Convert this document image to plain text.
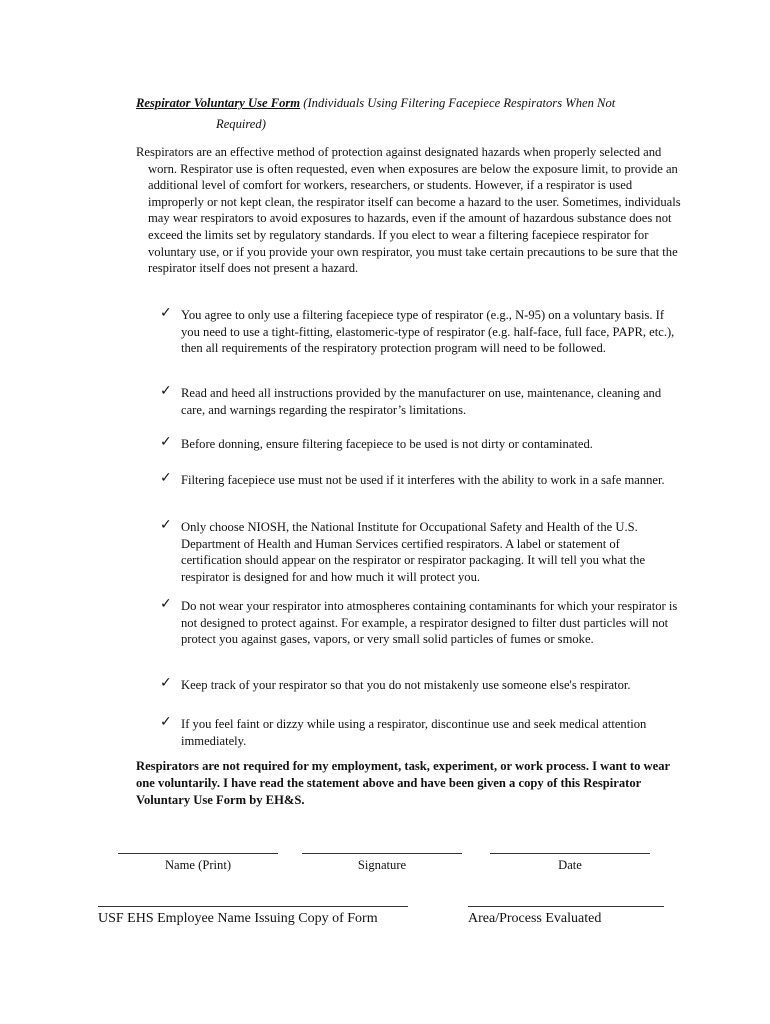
Respirator Voluntary Use Form (Individuals Using Filtering Facepiece Respirators When Not
Required)
Respirators are an effective method of protection against designated hazards when properly selected and worn. Respirator use is often requested, even when exposures are below the exposure limit, to provide an additional level of comfort for workers, researchers, or students. However, if a respirator is used improperly or not kept clean, the respirator itself can become a hazard to the user. Sometimes, individuals may wear respirators to avoid exposures to hazards, even if the amount of hazardous substance does not exceed the limits set by regulatory standards. If you elect to wear a filtering facepiece respirator for voluntary use, or if you provide your own respirator, you must take certain precautions to be sure that the respirator itself does not present a hazard.
✓ You agree to only use a filtering facepiece type of respirator (e.g., N-95) on a voluntary basis. If you need to use a tight-fitting, elastomeric-type of respirator (e.g. half-face, full face, PAPR, etc.), then all requirements of the respiratory protection program will need to be followed.
✓ Read and heed all instructions provided by the manufacturer on use, maintenance, cleaning and care, and warnings regarding the respirator’s limitations.
✓ Before donning, ensure filtering facepiece to be used is not dirty or contaminated.
✓ Filtering facepiece use must not be used if it interferes with the ability to work in a safe manner.
✓ Only choose NIOSH, the National Institute for Occupational Safety and Health of the U.S. Department of Health and Human Services certified respirators. A label or statement of certification should appear on the respirator or respirator packaging. It will tell you what the respirator is designed for and how much it will protect you.
✓ Do not wear your respirator into atmospheres containing contaminants for which your respirator is not designed to protect against. For example, a respirator designed to filter dust particles will not protect you against gases, vapors, or very small solid particles of fumes or smoke.
✓ Keep track of your respirator so that you do not mistakenly use someone else's respirator.
✓ If you feel faint or dizzy while using a respirator, discontinue use and seek medical attention immediately.
Respirators are not required for my employment, task, experiment, or work process. I want to wear one voluntarily. I have read the statement above and have been given a copy of this Respirator Voluntary Use Form by EH&S.
Name (Print)	Signature	Date
USF EHS Employee Name Issuing Copy of Form	Area/Process Evaluated
